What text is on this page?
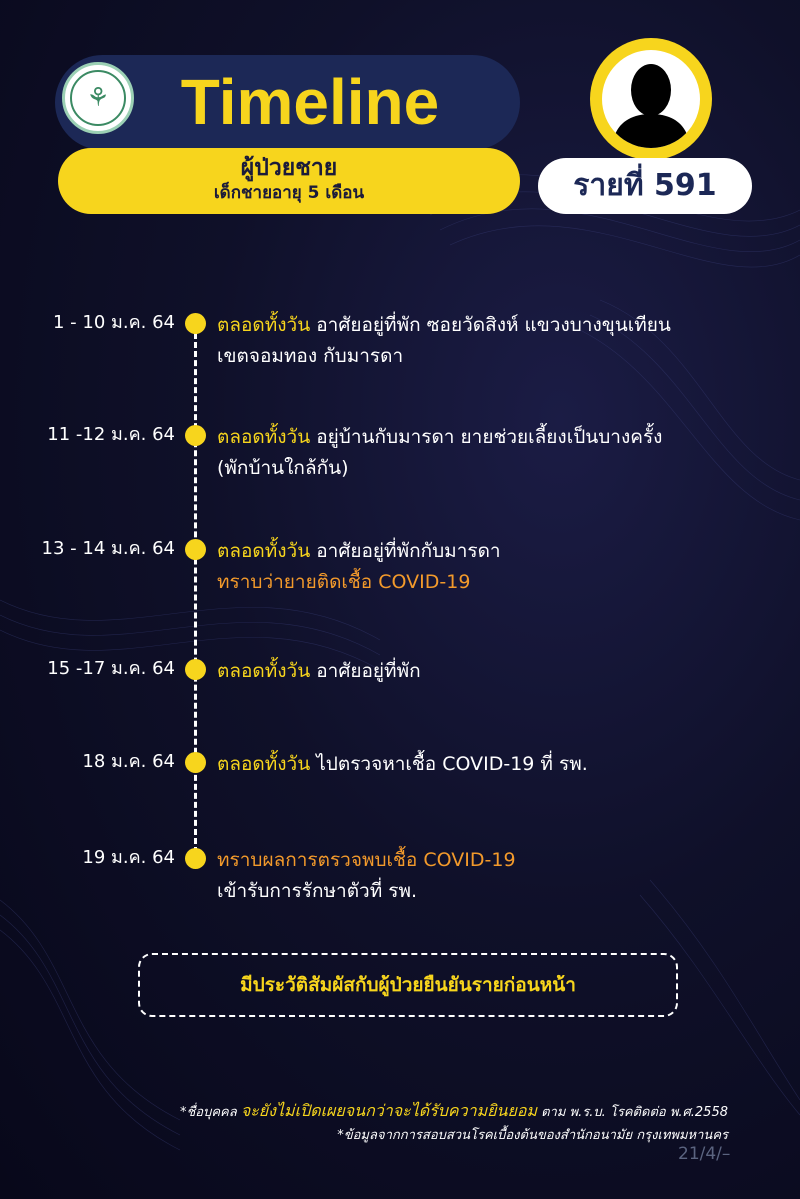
⚘	Timeline
ผู้ป่วยชาย
เด็กชายอายุ 5 เดือน	รายที่ 591
1 - 10 ม.ค. 64 ตลอดทั้งวัน อาศัยอยู่ที่พัก ซอยวัดสิงห์ แขวงบางขุนเทียน
เขตจอมทอง กับมารดา
11 -12 ม.ค. 64 ตลอดทั้งวัน อยู่บ้านกับมารดา ยายช่วยเลี้ยงเป็นบางครั้ง
(พักบ้านใกล้กัน)
13 - 14 ม.ค. 64 ตลอดทั้งวัน อาศัยอยู่ที่พักกับมารดา
ทราบว่ายายติดเชื้อ COVID-19
15 -17 ม.ค. 64 ตลอดทั้งวัน อาศัยอยู่ที่พัก
18 ม.ค. 64 ตลอดทั้งวัน ไปตรวจหาเชื้อ COVID-19 ที่ รพ.
19 ม.ค. 64 ทราบผลการตรวจพบเชื้อ COVID-19
เข้ารับการรักษาตัวที่ รพ.
มีประวัติสัมผัสกับผู้ป่วยยืนยันรายก่อนหน้า
*ชื่อบุคคล จะยังไม่เปิดเผยจนกว่าจะได้รับความยินยอม ตาม พ.ร.บ. โรคติดต่อ พ.ศ.2558
*ข้อมูลจากการสอบสวนโรคเบื้องต้นของสำนักอนามัย กรุงเทพมหานคร
21/4/–
